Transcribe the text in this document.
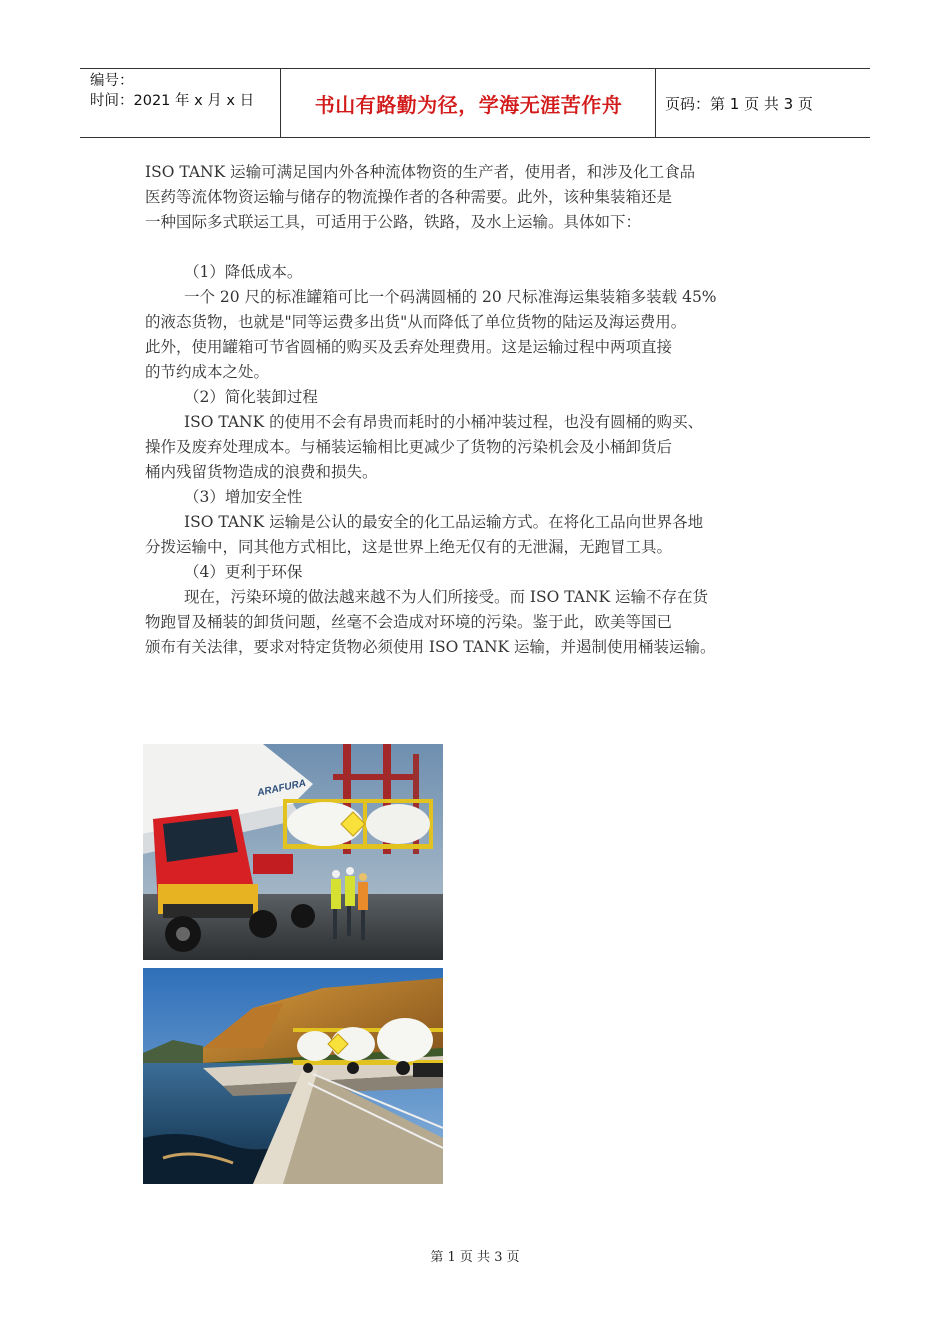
编号：
时间：2021 年 x 月 x 日	书山有路勤为径，学海无涯苦作舟	页码：第 1 页 共 3 页

ISO TANK 运输可满足国内外各种流体物资的生产者，使用者，和涉及化工食品

医药等流体物资运输与储存的物流操作者的各种需要。此外，该种集装箱还是

一种国际多式联运工具，可适用于公路，铁路，及水上运输。具体如下：

（1）降低成本。

一个 20 尺的标准罐箱可比一个码满圆桶的 20 尺标准海运集装箱多装载 45%

的液态货物，也就是"同等运费多出货"从而降低了单位货物的陆运及海运费用。

此外，使用罐箱可节省圆桶的购买及丢弃处理费用。这是运输过程中两项直接

的节约成本之处。

（2）简化装卸过程

ISO TANK 的使用不会有昂贵而耗时的小桶冲装过程，也没有圆桶的购买、

操作及废弃处理成本。与桶装运输相比更减少了货物的污染机会及小桶卸货后

桶内残留货物造成的浪费和损失。

（3）增加安全性

ISO TANK 运输是公认的最安全的化工品运输方式。在将化工品向世界各地

分拨运输中，同其他方式相比，这是世界上绝无仅有的无泄漏，无跑冒工具。

（4）更利于环保

现在，污染环境的做法越来越不为人们所接受。而 ISO TANK 运输不存在货

物跑冒及桶装的卸货问题，丝毫不会造成对环境的污染。鉴于此，欧美等国已

颁布有关法律，要求对特定货物必须使用 ISO TANK 运输，并遏制使用桶装运输。

ARAFURA
第 1 页 共 3 页
